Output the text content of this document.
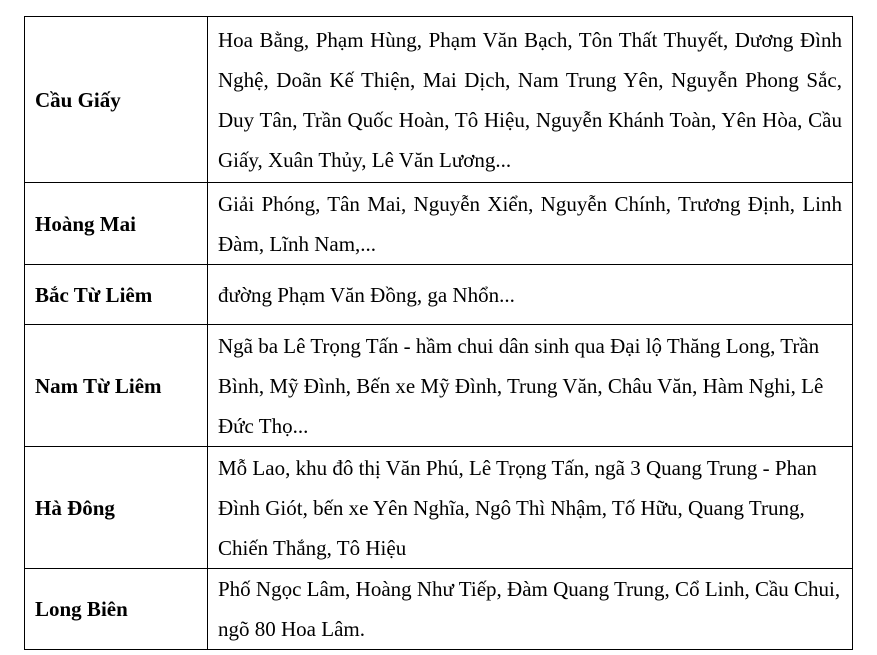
Cầu Giấy	Hoa Bằng, Phạm Hùng, Phạm Văn Bạch, Tôn Thất Thuyết, Dương Đình Nghệ, Doãn Kế Thiện, Mai Dịch, Nam Trung Yên, Nguyễn Phong Sắc, Duy Tân, Trần Quốc Hoàn, Tô Hiệu, Nguyễn Khánh Toàn, Yên Hòa, Cầu Giấy, Xuân Thủy, Lê Văn Lương...
Hoàng Mai	Giải Phóng, Tân Mai, Nguyễn Xiển, Nguyễn Chính, Trương Định, Linh Đàm, Lĩnh Nam,...
Bắc Từ Liêm	đường Phạm Văn Đồng, ga Nhổn...
Nam Từ Liêm	Ngã ba Lê Trọng Tấn - hầm chui dân sinh qua Đại lộ Thăng Long, Trần Bình, Mỹ Đình, Bến xe Mỹ Đình, Trung Văn, Châu Văn, Hàm Nghi, Lê Đức Thọ...
Hà Đông	Mỗ Lao, khu đô thị Văn Phú, Lê Trọng Tấn, ngã 3 Quang Trung - Phan Đình Giót, bến xe Yên Nghĩa, Ngô Thì Nhậm, Tố Hữu, Quang Trung, Chiến Thắng, Tô Hiệu
Long Biên	Phố Ngọc Lâm, Hoàng Như Tiếp, Đàm Quang Trung, Cổ Linh, Cầu Chui, ngõ 80 Hoa Lâm.
